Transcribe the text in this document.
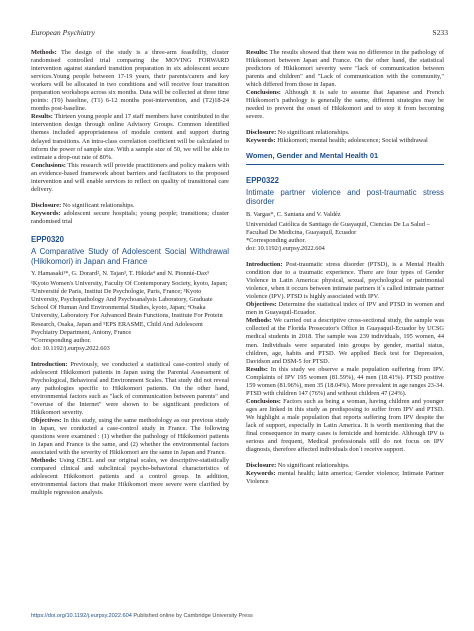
European Psychiatry	S233

Methods: The design of the study is a three-arm feasibility, cluster randomised controlled trial comparing the MOVING FORWARD intervention against standard transition preparation in six adolescent secure services.Young people between 17-19 years, their parents/carers and key workers will be allocated in two conditions and will receive four transition preparation workshops across six months. Data will be collected at three time points: (T0) baseline, (T1) 6-12 months post-intervention, and (T2)18-24 months post-baseline.

Results: Thirteen young people and 17 staff members have contributed to the intervention design through online Advisory Groups. Common identified themes included appropriateness of module content and support during delayed transitions. An intra-class correlation coefficient will be calculated to inform the power of sample size. With a sample size of 50, we will be able to estimate a drop-out rate of 80%.

Conclusions: This research will provide practitioners and policy makers with an evidence-based framework about barriers and facilitators to the proposed intervention and will enable services to reflect on quality of transitional care delivery.

Disclosure: No significant relationships.

Keywords: adolescent secure hospitals; young people; transitions; cluster randomised trial

EPP0320
A Comparative Study of Adolescent Social Withdrawal (Hikikomori) in Japan and France

Y. Hamasaki¹*, G. Dorard², N. Tajan³, T. Hikida⁴ and N. Pionnié-Dax⁵

¹Kyoto Women's University, Faculty Of Contemporary Society, kyoto, Japan; ²Université de Paris, Institut De Psychologie, Paris, France; ³Kyoto University, Psychopathology And Psychoanalysis Laboratory, Graduate School Of Human And Environmental Studies, kyoto, Japan; ⁴Osaka University, Laboratory For Advanced Brain Functions, Institute For Protein Research, Osaka, Japan and ⁵EPS ERASME, Child And Adolescent Psychiatry Department, Antony, France

*Corresponding author.

doi: 10.1192/j.eurpsy.2022.603

Introduction: Previously, we conducted a statistical case-control study of adolescent Hikikomori patients in Japan using the Parental Assessment of Psychological, Behavioral and Environment Scales. That study did not reveal any pathologies specific to Hikikomori patients. On the other hand, environmental factors such as "lack of communication between parents" and "overuse of the Internet" were shown to be significant predictors of Hikikomori severity.

Objectives: In this study, using the same methodology as our previous study in Japan, we conducted a case-control study in France. The following questions were examined : (1) whether the pathology of Hikikomori patients in Japan and France is the same, and (2) whether the environmental factors associated with the severity of Hikikomori are the same in Japan and France.

Methods: Using CBCL and our original scales, we descriptive-statistically compared clinical and subclinical psycho-behavioral characteristics of adolescent Hikikomori patients and a control group. In addition, environmental factors that make Hikikomori more severe were clarified by multiple regression analysis.

Results: The results showed that there was no difference in the pathology of Hikikomori between Japan and France. On the other hand, the statistical predictors of Hikikomori severity were "lack of communication between parents and children" and "Lack of communication with the community," which differed from those in Japan.

Conclusions: Although it is safe to assume that Japanese and French Hikikomori's pathology is generally the same, different strategies may be needed to prevent the onset of Hikikomori and to stop it from becoming severe.

Disclosure: No significant relationships.

Keywords: Hikikomori; mental health; adolescence; Social withdrawal

Women, Gender and Mental Health 01
EPP0322
Intimate partner violence and post-traumatic stress disorder

B. Vargas*, C. Santana and V. Valdéz

Universidad Católica de Santiago de Guayaquil, Ciencias De La Salud – Facultad De Medicina, Guayaquil, Ecuador

*Corresponding author.

doi: 10.1192/j.eurpsy.2022.604

Introduction: Post-traumatic stress disorder (PTSD), is a Mental Health condition due to a traumatic experience. There are four types of Gender Violence in Latin America: physical, sexual, psychological or patrimonial violence, when it occurs between intimate partners it´s called intimate partner violence (IPV). PTSD is highly associated with IPV.

Objectives: Determine the statistical index of IPV and PTSD in women and men in Guayaquil-Ecuador.

Methods: We carried out a descriptive cross-sectional study, the sample was collected at the Florida Prosecutor's Office in Guayaquil-Ecuador by UCSG medical students in 2018. The sample was 239 individuals, 195 women, 44 men. Individuals were separated into groups by gender, marital status, children, age, habits and PTSD. We applied Beck test for Depression, Davidson and DSM-5 for PTSD.

Results: In this study we observe a male population suffering from IPV. Complaints of IPV 195 women (81.59%), 44 men (18.41%). PTSD positive 159 women (81.96%), men 35 (18.04%). More prevalent in age ranges 23-34. PTSD with children 147 (76%) and without children 47 (24%).

Conclusions: Factors such as being a woman, having children and younger ages are linked in this study as predisposing to suffer from IPV and PTSD. We highlight a male population that reports suffering from IPV despite the lack of support, especially in Latin America. It is worth mentioning that the final consequence in many cases is femicide and homicide. Although IPV is serious and frequent, Medical professionals still do not focus on IPV diagnosis, therefore affected individuals don´t receive support.

Disclosure: No significant relationships.

Keywords: mental health; latin america; Gender violence; Intimate Partner Violence

https://doi.org/10.1192/j.eurpsy.2022.604 Published online by Cambridge University Press
